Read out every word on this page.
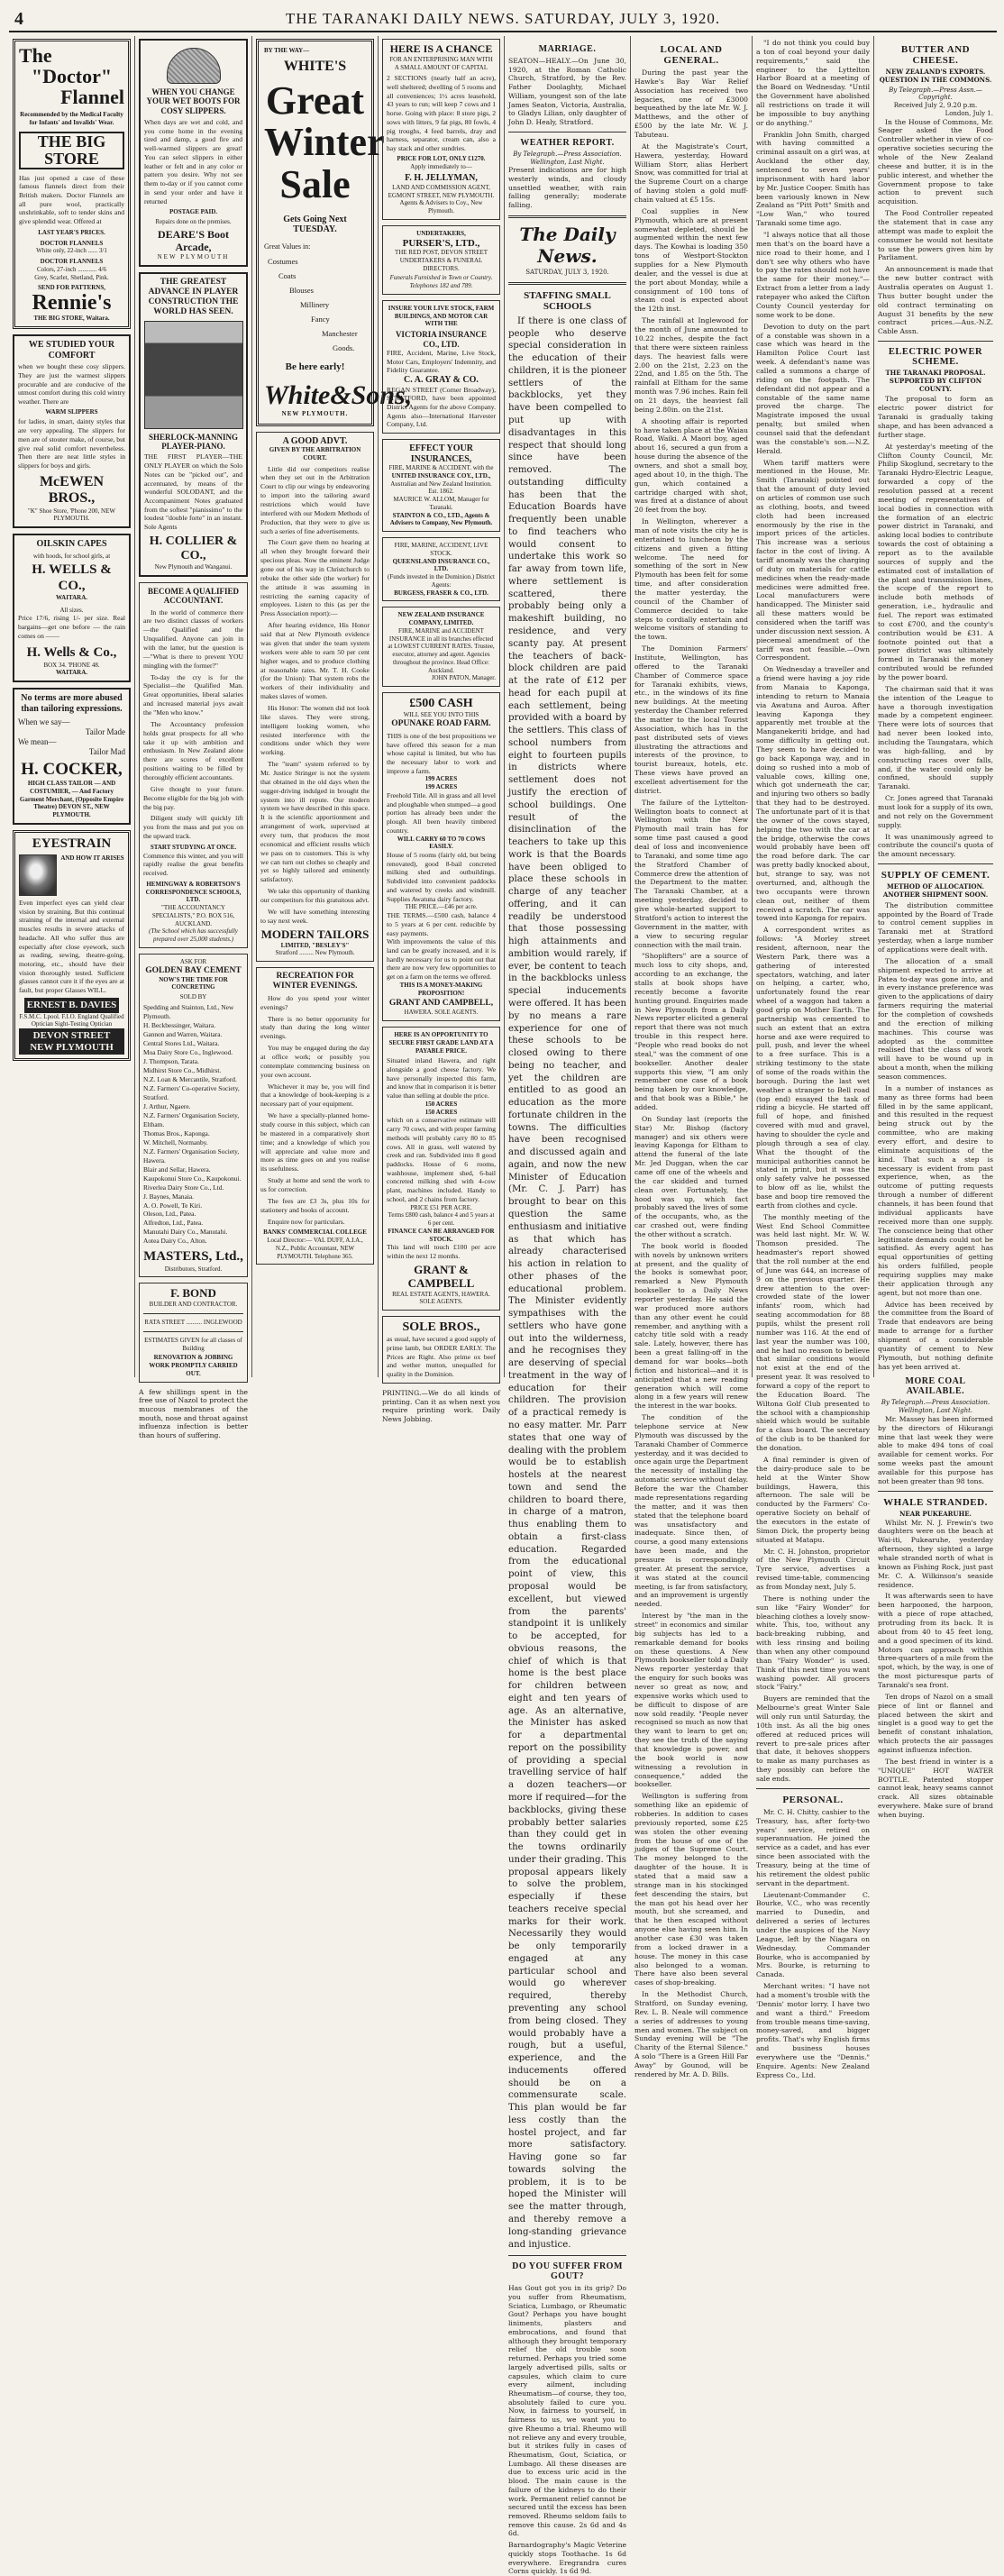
4	THE TARANAKI DAILY NEWS. SATURDAY, JULY 3, 1920.
The
"Doctor"
Flannel
Recommended by the Medical Faculty for Infants' and Invalids' Wear.
THE BIG STORE
Has just opened a case of these famous flannels direct from their British makers. Doctor Flannels are all pure wool, practically unshrinkable, soft to tender skins and give splendid wear. Offered at
LAST YEAR'S PRICES.
DOCTOR FLANNELS
White only, 22-inch ...... 3/1
DOCTOR FLANNELS
Colors, 27-inch ............ 4/6
Grey, Scarlet, Shetland, Pink.
SEND FOR PATTERNS,
Rennie's
THE BIG STORE, Waitara.
WE STUDIED YOUR
COMFORT
when we bought these cosy slippers. They are just the warmest slippers procurable and are conducive of the utmost comfort during this cold wintry weather. There are
WARM SLIPPERS
for ladies, in smart, dainty styles that are very appealing. The slippers for men are of stouter make, of course, but give real solid comfort nevertheless. Then there are neat little styles in slippers for boys and girls.
McEWEN BROS.,
"K" Shoe Store, 'Phone 200, NEW PLYMOUTH.
OILSKIN CAPES
with hoods, for school girls, at
H. WELLS & CO.,
WAITARA.
All sizes.
Price 17/6, rising 1/- per size. Real bargains—get one before — the rain comes on ——
H. Wells & Co.,
BOX 34. 'PHONE 48.
WAITARA.
No terms are more abused than tailoring expressions.
When we say—
Tailor Made
We mean—
Tailor Mad
H. COCKER,
HIGH CLASS TAILOR — AND COSTUMIER, — And Factory Garment Merchant, (Opposite Empire Theatre) DEVON ST., NEW PLYMOUTH.
EYESTRAIN
AND HOW IT ARISES
Even imperfect eyes can yield clear vision by straining. But this continual straining of the internal and external muscles results in severe attacks of headache. All who suffer thus are especially after close eyework, such as reading, sewing, theatre-going, motoring, etc., should have their vision thoroughly tested. Sufficient glasses cannot cure it if the eyes are at fault, but proper Glasses WILL.
ERNEST B. DAVIES
F.S.M.C. Lpool. F.I.O. England Qualified Optician Sight-Testing Optician
DEVON STREET NEW PLYMOUTH
WHEN YOU CHANGE YOUR WET BOOTS FOR COSY SLIPPERS.
When days are wet and cold, and you come home in the evening tired and damp, a good fire and well-warmed slippers are great! You can select slippers in either leather or felt and in any color or pattern you desire. Why not see them to-day or if you cannot come in send your order and have it returned
POSTAGE PAID.
Repairs done on the premises.
DEARE'S Boot Arcade,
NEW PLYMOUTH
THE GREATEST ADVANCE IN PLAYER CONSTRUCTION THE WORLD HAS SEEN.
SHERLOCK-MANNING PLAYER-PIANO.
THE FIRST PLAYER—THE ONLY PLAYER on which the Solo Notes can be "picked out", and accentuated, by means of the wonderful SOLODANT, and the Accompaniment Notes graduated from the softest "pianissimo" to the loudest "double forte" in an instant. Sole Agents
H. COLLIER & CO.,
New Plymouth and Wanganui.
BECOME A QUALIFIED ACCOUNTANT.

In the world of commerce there are two distinct classes of workers—the Qualified and the Unqualified. Anyone can join in with the latter, but the question is—"What is there to prevent YOU mingling with the former?"

To-day the cry is for the Specialist—the Qualified Man. Great opportunities, liberal salaries and increased material joys await the "Men who know."

The Accountancy profession holds great prospects for all who take it up with ambition and enthusiasm. In New Zealand alone there are scores of excellent positions waiting to be filled by thoroughly efficient accountants.

Give thought to your future. Become eligible for the big job with the big pay.

Diligent study will quickly lift you from the mass and put you on the upward track.

START STUDYING AT ONCE.
Commence this winter, and you will rapidly realise the great benefits received.
HEMINGWAY & ROBERTSON'S CORRESPONDENCE SCHOOLS, LTD.
"THE ACCOUNTANCY SPECIALISTS," P.O. BOX 516, AUCKLAND.
(The School which has successfully prepared over 25,000 students.)
ASK FOR
GOLDEN BAY CEMENT
NOW'S THE TIME FOR CONCRETING
SOLD BY
Spedding and Stainton, Ltd., New Plymouth.
H. Beckbessinger, Waitara.
Gannon and Warren, Waitara.
Central Stores Ltd., Waitara.
Moa Dairy Store Co., Inglewood.
J. Thompson, Tarata.
Midhirst Store Co., Midhirst.
N.Z. Loan & Mercantile, Stratford.
N.Z. Farmers' Co-operative Society, Stratford.
J. Arthur, Ngaere.
N.Z. Farmers' Organisation Society, Eltham.
Thomas Bros., Kaponga.
W. Mitchell, Normanby.
N.Z. Farmers' Organisation Society, Hawera.
Blair and Sellar, Hawera.
Kaupokonui Store Co., Kaupokonui.
Riverlea Dairy Store Co., Ltd.
J. Baynes, Manaia.
A. O. Powell, Te Kiri.
Oleson, Ltd., Patea.
Alfredton, Ltd., Patea.
Manutahi Dairy Co., Manutahi.
Aotea Dairy Co., Alton.
MASTERS, Ltd.,
Distributors, Stratford.
F. BOND
BUILDER AND CONTRACTOR.
RATA STREET .......... INGLEWOOD
ESTIMATES GIVEN for all classes of Building
RENOVATION & JOBBING WORK PROMPTLY CARRIED OUT.
A few shillings spent in the free use of Nazol to protect the mucous membranes of the mouth, nose and throat against influenza infection is better than hours of suffering.
BY THE WAY—
WHITE'S
Great
Winter
Sale
Gets Going Next TUESDAY.
Great Values in:
Costumes
Coats
Blouses
Millinery
Fancy
Manchester
Goods.
Be here early!
White&Sons,
NEW PLYMOUTH.
A GOOD ADVT.
GIVEN BY THE ARBITRATION COURT.

Little did our competitors realise when they set out in the Arbitration Court to clip our wings by endeavoring to import into the tailoring award restrictions which would have interfered with our Modern Methods of Production, that they were to give us such a series of fine advertisements.

The Court gave them no hearing at all when they brought forward their specious pleas. Now the eminent Judge gone out of his way in Christchurch to rebuke the other side (the worker) for the attitude it was assuming in restricting the earning capacity of employees. Listen to this (as per the Press Association report):—

After hearing evidence, His Honor said that at New Plymouth evidence was given that under the team system workers were able to earn 50 per cent higher wages, and to produce clothing at reasonable rates. Mr. T. H. Cooke (for the Union): That system robs the workers of their individuality and makes slaves of women.

His Honor: The women did not look like slaves. They were strong, intelligent looking women, who resisted interference with the conditions under which they were working.

The "team" system referred to by Mr. Justice Stringer is not the system that obtained in the old days when the sugger-driving indulged in brought the system into ill repute. Our modern system we have described in this space. It is the scientific apportionment and arrangement of work, supervised at every turn, that produces the most economical and efficient results which we pass on to customers. This is why we can turn out clothes so cheaply and yet so highly tailored and eminently satisfactory.

We take this opportunity of thanking our competitors for this gratuitous advt.

We will have something interesting to say next week.

MODERN TAILORS
LIMITED, "BESLEY'S"
Stratford ......... New Plymouth.
RECREATION FOR WINTER EVENINGS.

How do you spend your winter evenings?

There is no better opportunity for study than during the long winter evenings.

You may be engaged during the day at office work; or possibly you contemplate commencing business on your own account.

Whichever it may be, you will find that a knowledge of book-keeping is a necessary part of your equipment.

We have a specially-planned home-study course in this subject, which can be mastered in a comparatively short time; and a knowledge of which you will appreciate and value more and more as time goes on and you realise its usefulness.

Study at home and send the work to us for correction.

The fees are £3 3s, plus 10s for stationery and books of account.

Enquire now for particulars.

BANKS' COMMERCIAL COLLEGE
Local Director:— VAL DUFF, A.I.A., N.Z., Public Accountant, NEW PLYMOUTH. Telephone 365.
HERE IS A CHANCE
FOR AN ENTERPRISING MAN WITH A SMALL AMOUNT OF CAPITAL
2 SECTIONS (nearly half an acre), well sheltered; dwelling of 5 rooms and all conveniences; 1½ acres leasehold, 43 years to run; will keep 7 cows and 1 horse. Going with place: 8 store pigs, 2 sows with litters, 9 fat pigs, 80 fowls, 4 pig troughs, 4 feed barrels, dray and harness, separator, cream can, also a hay stack and other sundries.
PRICE FOR LOT, ONLY £1270.
Apply immediately to—
F. H. JELLYMAN,
LAND AND COMMISSION AGENT, EGMONT STREET, NEW PLYMOUTH. Agents & Advisers to Coy., New Plymouth.
UNDERTAKERS,
PURSER'S, LTD.,
THE RED POST, DEVON STREET
UNDERTAKERS & FUNERAL DIRECTORS.
Funerals Furnished in Town or Country. Telephones 182 and 789.
INSURE YOUR LIVE STOCK, FARM BUILDINGS, AND MOTOR CAR WITH THE
VICTORIA INSURANCE CO., LTD.
FIRE, Accident, Marine, Live Stock, Motor Cars, Employers' Indemnity, and Fidelity Guarantee.
C. A. GRAY & CO.
REGAN STREET (Corner Broadway), STRATFORD, have been appointed District Agents for the above Company. Agents also—International Harvester Company, Ltd.
EFFECT YOUR INSURANCES,
FIRE, MARINE & ACCIDENT. with the
UNITED INSURANCE COY., LTD.,
Australian and New Zealand Institution. Est. 1862.
MAURICE W. ALLOM, Manager for Taranaki.
STAINTON & CO., LTD., Agents & Advisers to Company, New Plymouth.
FIRE, MARINE, ACCIDENT, LIVE STOCK.
QUEENSLAND INSURANCE CO., LTD.
(Funds invested in the Dominion.) District Agents:
BURGESS, FRASER & CO., LTD.
NEW ZEALAND INSURANCE COMPANY, LIMITED.
FIRE, MARINE and ACCIDENT INSURANCE in all its branches effected at LOWEST CURRENT RATES. Trustee, executor, attorney and agent. Agencies throughout the province. Head Office: Auckland.
JOHN PATON, Manager.
£500 CASH
WILL SEE YOU INTO THIS
OPUNAKE ROAD FARM.
THIS is one of the best propositions we have offered this season for a man whose capital is limited, but who has the necessary labor to work and improve a farm.
199 ACRES
199 ACRES
Freehold Title. All in grass and all level and ploughable when stumped—a good portion has already been under the plough. All been heavily timbered country.
WILL CARRY 60 TO 70 COWS EASILY.
House of 5 rooms (fairly old, but being renovated), good 8-bail concreted milking shed and outbuildings. Subdivided into convenient paddocks and watered by creeks and windmill. Supplies Awatuna dairy factory.
THE PRICE.—£46 per acre.
THE TERMS.—£500 cash, balance 4 to 5 years at 6 per cent. reducible by easy payments.
With improvements the value of this land can be greatly increased, and it is hardly necessary for us to point out that there are now very few opportunities to get on a farm on the terms we offered.
THIS IS A MONEY-MAKING PROPOSITION!
GRANT AND CAMPBELL,
HAWERA. SOLE AGENTS.
HERE IS AN OPPORTUNITY TO SECURE FIRST GRADE LAND AT A PAYABLE PRICE.
Situated inland Hawera, and right alongside a good cheese factory. We have personally inspected this farm, and know that in comparison it is better value than selling at double the price.
150 ACRES
150 ACRES
which on a conservative estimate will carry 70 cows, and with proper farming methods will probably carry 80 to 85 cows. All in grass, well watered by creek and ran. Subdivided into 8 good paddocks. House of 6 rooms, washhouse, implement shed, 6-bail concreted milking shed with 4-cow plant, machines included. Handy to school, and 2 chains from factory.
PRICE £51 PER ACRE.
Terms £800 cash, balance 4 and 5 years at 6 per cent.
FINANCE CAN BE ARRANGED FOR STOCK.
This land will touch £100 per acre within the next 12 months.
GRANT & CAMPBELL
REAL ESTATE AGENTS, HAWERA. SOLE AGENTS.
SOLE BROS.,
as usual, have secured a good supply of prime lamb, but ORDER EARLY. The Prices are Right. Also prime ox beef and wether mutton, unequalled for quality in the Dominion.
PRINTING.—We do all kinds of printing. Can it as when next you require printing work. Daily News Jobbing.
MARRIAGE.
SEATON—HEALY.—On June 30, 1920, at the Roman Catholic Church, Stratford, by the Rev. Father Doolaghty, Michael William, youngest son of the late James Seaton, Victoria, Australia, to Gladys Lilian, only daughter of John D. Healy, Stratford.
WEATHER REPORT.
By Telegraph.—Press Association. Wellington, Last Night.
Present indications are for high westerly winds, and cloudy unsettled weather, with rain falling generally; moderate falling.
The Daily News.
SATURDAY, JULY 3, 1920.
STAFFING SMALL SCHOOLS

If there is one class of people who deserve special consideration in the education of their children, it is the pioneer settlers of the backblocks, yet they have been compelled to put up with disadvantages in this respect that should long since have been removed. The outstanding difficulty has been that the Education Boards have frequently been unable to find teachers who would consent to undertake this work so far away from town life, where settlement is scattered, there probably being only a makeshift building, no residence, and very scanty pay. At present the teachers of back-block children are paid at the rate of £12 per head for each pupil at each settlement, being provided with a board by the settlers. This class of school numbers from eight to fourteen pupils in districts where settlement does not justify the erection of school buildings. One result of the disinclination of the teachers to take up this work is that the Boards have been obliged to place these schools in charge of any teacher offering, and it can readily be understood that those possessing high attainments and ambition would rarely, if ever, be content to teach in the backblocks unless special inducements were offered. It has been by no means a rare experience for one of these schools to be closed owing to there being no teacher, and yet the children are entitled to as good an education as the more fortunate children in the towns. The difficulties have been recognised and discussed again and again, and now the new Minister of Education (Mr. C. J. Parr) has brought to bear on this question the same enthusiasm and initiative as that which has already characterised his action in relation to other phases of the educational problem. The Minister evidently sympathises with the settlers who have gone out into the wilderness, and he recognises they are deserving of special treatment in the way of education for their children. The provision of a practical remedy is no easy matter. Mr. Parr states that one way of dealing with the problem would be to establish hostels at the nearest town and send the children to board there, in charge of a matron, thus enabling them to obtain a first-class education. Regarded from the educational point of view, this proposal would be excellent, but viewed from the parents' standpoint it is unlikely to be accepted, for obvious reasons, the chief of which is that home is the best place for children between eight and ten years of age. As an alternative, the Minister has asked for a departmental report on the possibility of providing a special travelling service of half a dozen teachers—or more if required—for the backblocks, giving these probably better salaries than they could get in the towns ordinarily under their grading. This proposal appears likely to solve the problem, especially if these teachers receive special marks for their work. Necessarily they would be only temporarily engaged at any particular school and would go wherever required, thereby preventing any school from being closed. They would probably have a rough, but a useful, experience, and the inducements offered should be on a commensurate scale. This plan would be far less costly than the hostel project, and far more satisfactory. Having gone so far towards solving the problem, it is to be hoped the Minister will see the matter through, and thereby remove a long-standing grievance and injustice.

DO YOU SUFFER FROM GOUT?
Has Gout got you in its grip? Do you suffer from Rheumatism, Sciatica, Lumbago, or Rheumatic Gout? Perhaps you have bought liniments, plasters and embrocations, and found that although they brought temporary relief the old trouble soon returned. Perhaps you tried some largely advertised pills, salts or capsules, which claim to cure every ailment, including Rheumatism—of course, they too, absolutely failed to cure you. Now, in fairness to yourself, in fairness to us, we want you to give Rheumo a trial. Rheumo will not relieve any and every trouble, but it strikes fully in cases of Rheumatism, Gout, Sciatica, or Lumbago. All these diseases are due to excess uric acid in the blood. The main cause is the failure of the kidneys to do their work. Permanent relief cannot be secured until the excess has been removed. Rheumo seldom fails to remove this cause. 2s 6d and 4s 6d.
Barnardography's Magic Veterine quickly stops Toothache. 1s 6d everywhere. Eregrandra cures Corns quickly. 1s 6d 9d.
LOCAL AND GENERAL.

During the past year the Hawke's Bay War Relief Association has received two legacies, one of £3000 bequeathed by the late Mr. W. J. Matthews, and the other of £500 by the late Mr. W. J. Tabuteau.

At the Magistrate's Court, Hawera, yesterday, Howard William Storr, alias Herbert Snow, was committed for trial at the Supreme Court on a charge of having stolen a gold muff-chain valued at £5 15s.

Coal supplies in New Plymouth, which are at present somewhat depleted, should be augmented within the next few days. The Kowhai is loading 350 tons of Westport-Stockton supplies for a New Plymouth dealer, and the vessel is due at the port about Monday, while a consignment of 100 tons of steam coal is expected about the 12th inst.

The rainfall at Inglewood for the month of June amounted to 10.22 inches, despite the fact that there were sixteen rainless days. The heaviest falls were 2.00 on the 21st, 2.23 on the 22nd, and 1.85 on the 5th. The rainfall at Eltham for the same month was 7.96 inches. Rain fell on 21 days, the heaviest fall being 2.80in. on the 21st.

A shooting affair is reported to have taken place at the Waiau Road, Waiki. A Maori boy, aged about 16, secured a gun from a house during the absence of the owners, and shot a small boy, aged about 10, in the thigh. The gun, which contained a cartridge charged with shot, was fired at a distance of about 20 feet from the boy.

In Wellington, wherever a man of note visits the city he is entertained to luncheon by the citizens and given a fitting welcome. The need for something of the sort in New Plymouth has been felt for some time, and after consideration the matter yesterday, the council of the Chamber of Commerce decided to take steps to cordially entertain and welcome visitors of standing to the town.

The Dominion Farmers' Institute, Wellington, has offered to the Taranaki Chamber of Commerce space for Taranaki exhibits, views, etc., in the windows of its fine new buildings. At the meeting yesterday the Chamber referred the matter to the local Tourist Association, which has in the past distributed sets of views illustrating the attractions and interests of the province, to tourist bureaux, hotels, etc. These views have proved an excellent advertisement for the district.

The failure of the Lyttelton-Wellington boats to connect at Wellington with the New Plymouth mail train has for some time past caused a good deal of loss and inconvenience to Taranaki, and some time ago the Stratford Chamber of Commerce drew the attention of the Department to the matter. The Taranaki Chamber, at a meeting yesterday, decided to give whole-hearted support to Stratford's action to interest the Government in the matter, with a view to securing regular connection with the mail train.

"Shoplifters" are a source of much loss to city shops, and, according to an exchange, the stalls at book shops have recently become a favorite hunting ground. Enquiries made in New Plymouth from a Daily News reporter elicited a general report that there was not much trouble in this respect here. "People who read books do not steal," was the comment of one bookseller. Another dealer supports this view, "I am only remember one case of a book being taken by our knowledge, and that book was a Bible," he added.

On Sunday last (reports the Star) Mr. Bishop (factory manager) and six others were leaving Kaponga for Eltham to attend the funeral of the late Mr. Jed Duggan, when the car came off one of the wheels and the car skidded and turned clean over. Fortunately, the hood was up, which fact probably saved the lives of some of the occupants, who, as the car crashed out, were finding the other without a scratch.

The book world is flooded with novels by unknown writers at present, and the quality of the books is somewhat poor, remarked a New Plymouth bookseller to a Daily News reporter yesterday. He said the war produced more authors than any other event he could remember, and anything with a catchy title sold with a ready sale. Lately, however, there has been a great falling-off in the demand for war books—both fiction and historical—and it is anticipated that a new reading generation which will come along in a few years will renew the interest in the war books.

The condition of the telephone service at New Plymouth was discussed by the Taranaki Chamber of Commerce yesterday, and it was decided to once again urge the Department the necessity of installing the automatic service without delay. Before the war the Chamber made representations regarding the matter, and it was then stated that the telephone board was unsatisfactory and inadequate. Since then, of course, a good many extensions have been made, and the pressure is correspondingly greater. At present the service, it was stated at the council meeting, is far from satisfactory, and an improvement is urgently needed.

Interest by "the man in the street" in economics and similar big subjects has led to a remarkable demand for books on these questions. A New Plymouth bookseller told a Daily News reporter yesterday that the enquiry for such books was never so great as now, and expensive works which used to be difficult to dispose of are now sold readily. "People never recognised so much as now that they want to learn to get on; they see the truth of the saying that knowledge is power, and the book world is now witnessing a revolution in consequence," added the bookseller.

Wellington is suffering from something like an epidemic of robberies. In addition to cases previously reported, some £25 was stolen the other evening from the house of one of the judges of the Supreme Court. The money belonged to the daughter of the house. It is stated that a maid saw a strange man in his stockinged feet descending the stairs, but the man got his head over her mouth, but she screamed, and that he then escaped without anyone else having seen him. In another case £30 was taken from a locked drawer in a house. The money in this case also belonged to a woman. There have also been several cases of shop-breaking.

In the Methodist Church, Stratford, on Sunday evening, Rev. L. B. Neale will commence a series of addresses to young men and women. The subject on Sunday evening will be "The Charity of the Eternal Silence." A solo "There is a Green Hill Far Away" by Gounod, will be rendered by Mr. A. D. Bills.

"I do not think you could buy a ton of coal beyond your daily requirements," said the engineer to the Lyttelton Harbor Board at a meeting of the Board on Wednesday. "Until the Government have abolished all restrictions on trade it will be impossible to buy anything or do anything."

Franklin John Smith, charged with having committed a criminal assault on a girl was, at Auckland the other day, sentenced to seven years' imprisonment with hard labor by Mr. Justice Cooper. Smith has been variously known in New Zealand as "Pitt Pott" Smith and "Low Wan," who toured Taranaki some time ago.

"I always notice that all those men that's on the board have a nice road to their home, and I don't see why others who have to pay the rates should not have the same for their money."—Extract from a letter from a lady ratepayer who asked the Clifton County Council yesterday for some work to be done.

Devotion to duty on the part of a constable was shown in a case which was heard in the Hamilton Police Court last week. A defendant's name was called a summons a charge of riding on the footpath. The defendant did not appear and a constable of the same name proved the charge. The Magistrate imposed the usual penalty, but smiled when counsel said that the defendant was the constable's son.—N.Z. Herald.

When tariff matters were mentioned in the House, Mr. Smith (Taranaki) pointed out that the amount of duty levied on articles of common use such as clothing, boots, and tweed cloth had been increased enormously by the rise in the import prices of the articles. This increase was a serious factor in the cost of living. A tariff anomaly was the charging of duty on materials for cattle medicines when the ready-made medicines were admitted free. Local manufacturers were handicapped. The Minister said all these matters would be considered when the tariff was under discussion next session. A piecemeal amendment of the tariff was not feasible.—Own Correspondent.

On Wednesday a traveller and a friend were having a joy ride from Manaia to Kaponga, intending to return to Manaia via Awatuna and Auroa. After leaving Kaponga they apparently met trouble at the Manganekeriti bridge, and had some difficulty in getting out. They seem to have decided to go back Kaponga way, and in doing so rushed into a mob of valuable cows, killing one, which got underneath the car, and injuring two others so badly that they had to be destroyed. The unfortunate part of it is that the owner of the cows stayed, helping the two with the car at the bridge, otherwise the cows would probably have been off the road before dark. The car was pretty badly knocked about, but, strange to say, was not overturned, and, although the two occupants were thrown clean out, neither of them received a scratch. The car was towed into Kaponga for repairs.

A correspondent writes as follows: "A Morley street resident, afternoon, near the Western Park, there was a gathering of interested spectators, watching, and later on helping, a carter, who, unfortunately found the rear wheel of a waggon had taken a good grip on Mother Earth. The partnership was cemented to such an extent that an extra horse and axe were required to pull, push, and lever the wheel to a free surface. This is a striking testimony to the state of some of the roads within the borough. During the last wet weather a stranger to Bell road (top end) essayed the task of riding a bicycle. He started off full of hope, and finished covered with mud and gravel, having to shoulder the cycle and plough through a sea of clay. What the thought of the municipal authorities cannot be stated in print, but it was the only safety valve he possessed to blow off as lie, whilst the base and boop tire removed the earth from clothes and cycle.

The monthly meeting of the West End School Committee was held last night. Mr. W. W. Thomson presided. The headmaster's report showed that the roll number at the end of June was 644, an increase of 9 on the previous quarter. He drew attention to the over-crowded state of the lower infants' room, which had seating accommodation for 88 pupils, whilst the present roll number was 116. At the end of last year the number was 100, and he had no reason to believe that similar conditions would not exist at the end of the present year. It was resolved to forward a copy of the report to the Education Board. The Wiltona Golf Club presented to the school with a championship shield which would be suitable for a class board. The secretary of the club is to be thanked for the donation.

A final reminder is given of the dairy-produce sale to be held at the Winter Show buildings, Hawera, this afternoon. The sale will be conducted by the Farmers' Co-operative Society on behalf of the executors in the estate of Simon Dick, the property being situated at Matapu.

Mr. C. H. Johnston, proprietor of the New Plymouth Circuit Tyre service, advertises a revised time-table, commencing as from Monday next, July 5.

There is nothing under the sun like "Fairy Wonder" for bleaching clothes a lovely snow-white. This, too, without any back-breaking rubbing, and with less rinsing and boiling than when any other compound than "Fairy Wonder" is used. Think of this next time you want washing powder. All grocers stock "Fairy."

Buyers are reminded that the Melbourne's great Winter Sale will only run until Saturday, the 10th inst. As all the big ones offered at reduced prices will revert to pre-sale prices after that date, it behoves shoppers to make as many purchases as they possibly can before the sale ends.

PERSONAL.

Mr. C. H. Chitty, cashier to the Treasury, has, after forty-two years' service, retired on superannuation. He joined the service as a cadet, and has ever since been associated with the Treasury, being at the time of his retirement the oldest public servant in the department.

Lieutenant-Commander C. Bourke, V.C., who was recently married to Dunedin, and delivered a series of lectures under the auspices of the Navy League, left by the Niagara on Wednesday. Commander Bourke, who is accompanied by Mrs. Bourke, is returning to Canada.

Merchant writes: "I have not had a moment's trouble with the 'Dennis' motor lorry. I have two and want a third." Freedom from trouble means time-saving, money-saved, and bigger profits. That's why English firms and business houses everywhere use the "Dennis." Enquire. Agents: New Zealand Express Co., Ltd.

BUTTER AND CHEESE.
NEW ZEALAND'S EXPORTS.
QUESTION IN THE COMMONS.
By Telegraph.—Press Assn.—Copyright.
Received July 2, 9.20 p.m.
London, July 1.

In the House of Commons, Mr. Seager asked the Food Controller whether in view of co-operative societies securing the whole of the New Zealand cheese and butter, it is in the public interest, and whether the Government propose to take action to prevent such acquisition.

The Food Controller repeated the statement that in case any attempt was made to exploit the consumer he would not hesitate to use the powers given him by Parliament.

An announcement is made that the new butter contract with Australia operates on August 1. Thus butter bought under the old contract terminating on August 31 benefits by the new contract prices.—Aus.-N.Z. Cable Assn.

ELECTRIC POWER SCHEME.
THE TARANAKI PROPOSAL.
SUPPORTED BY CLIFTON COUNTY.

The proposal to form an electric power district for Taranaki is gradually taking shape, and has been advanced a further stage.

At yesterday's meeting of the Clifton County Council, Mr. Philip Skoglund, secretary to the Taranaki Hydro-Electric League, forwarded a copy of the resolution passed at a recent meeting of representatives of local bodies in connection with the formation of an electric power district in Taranaki, and asking local bodies to contribute towards the cost of obtaining a report as to the available sources of supply and the estimated cost of installation of the plant and transmission lines, the scope of the report to include both methods of generation, i.e., hydraulic and fuel. The report was estimated to cost £700, and the county's contribution would be £31. A footnote pointed out that a power district was ultimately formed in Taranaki the money contributed would be refunded by the power board.

The chairman said that it was the intention of the League to have a thorough investigation made by a competent engineer. There were lots of sources that had never been looked into, including the Taungatara, which was high-falling, and by constructing races over falls, and, if the water could only be confined, should supply Taranaki.

Cr. Jones agreed that Taranaki must look for a supply of its own, and not rely on the Government supply.

It was unanimously agreed to contribute the council's quota of the amount necessary.

SUPPLY OF CEMENT.
METHOD OF ALLOCATION.
ANOTHER SHIPMENT SOON.

The distribution committee appointed by the Board of Trade to control cement supplies in Taranaki met at Stratford yesterday, when a large number of applications were dealt with.

The allocation of a small shipment expected to arrive at Patea to-day was gone into, and in every instance preference was given to the applications of dairy farmers requiring the material for the completion of cowsheds and the erection of milking machines. This course was adopted as the committee realised that the class of work will have to be wound up in about a month, when the milking season commences.

In a number of instances as many as three forms had been filled in by the same applicant, and this resulted in the request being struck out by the committee, who are making every effort, and desire to eliminate acquisitions of the kind. That such a step is necessary is evident from past experience, when, as the outcome of putting requests through a number of different channels, it has been found that individual applicants have received more than one supply. The conscience being that other legitimate demands could not be satisfied. As every agent has equal opportunities of getting his orders fulfilled, people requiring supplies may make their application through any agent, but not more than one.

Advice has been received by the committee from the Board of Trade that endeavors are being made to arrange for a further shipment of a considerable quantity of cement to New Plymouth, but nothing definite has yet been arrived at.

MORE COAL AVAILABLE.
By Telegraph.—Press Association. Wellington, Last Night.

Mr. Massey has been informed by the directors of Hikurangi mine that last week they were able to make 494 tons of coal available for cement works. For some weeks past the amount available for this purpose has not been greater than 98 tons.

WHALE STRANDED.
NEAR PUKEARUHE.

Whilst Mr. N. J. Frewin's two daughters were on the beach at Wai-iti, Pukearuhe, yesterday afternoon, they sighted a large whale stranded north of what is known as Fishing Rock, just past Mr. C. A. Wilkinson's seaside residence.

It was afterwards seen to have been harpooned, the harpoon, with a piece of rope attached, protruding from its back. It is about from 40 to 45 feet long, and a good specimen of its kind. Motors can approach within three-quarters of a mile from the spot, which, by the way, is one of the most picturesque parts of Taranaki's sea front.

Ten drops of Nazol on a small piece of lint or flannel and placed between the skirt and singlet is a good way to get the benefit of constant inhalation, which protects the air passages against influenza infection.

The best friend in winter is a "UNIQUE" HOT WATER BOTTLE. Patented stopper cannot leak, heavy seams cannot crack. All sizes obtainable everywhere. Make sure of brand when buying.
